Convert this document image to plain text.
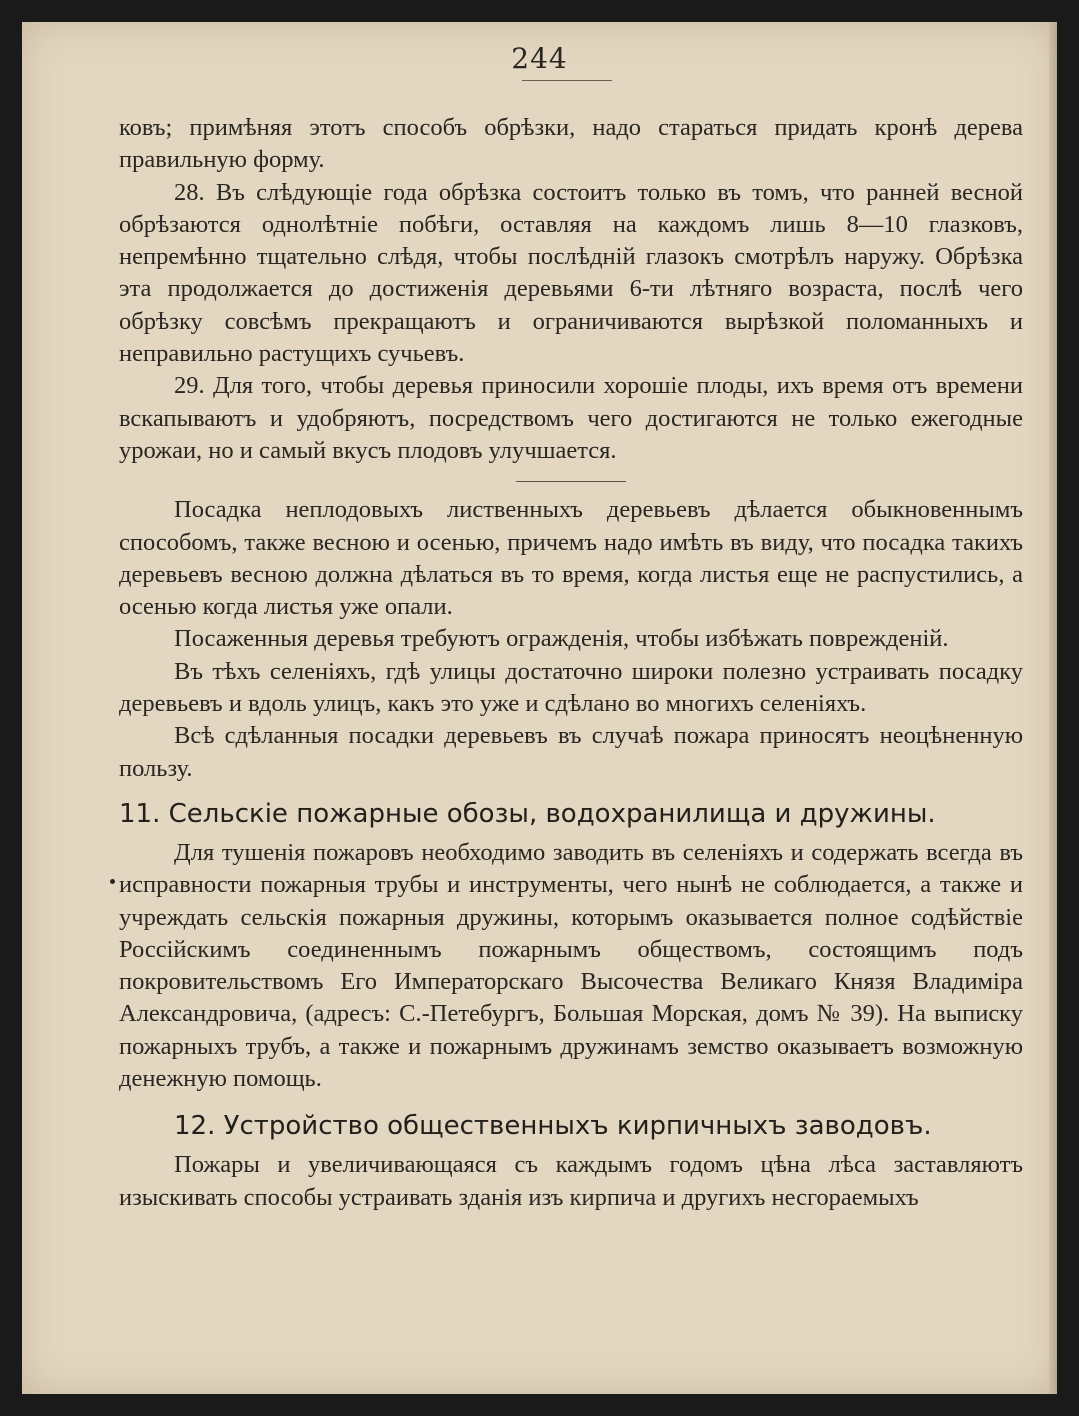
244

ковъ; примѣняя этотъ способъ обрѣзки, надо стараться придать кронѣ дерева правильную форму.

28. Въ слѣдующіе года обрѣзка состоитъ только въ томъ, что ранней весной обрѣзаются однолѣтніе побѣги, оставляя на каждомъ лишь 8—10 глазковъ, непремѣнно тщательно слѣдя, чтобы послѣдній глазокъ смотрѣлъ наружу. Обрѣзка эта продолжается до достиженія деревьями 6-ти лѣтняго возраста, послѣ чего обрѣзку совсѣмъ прекращаютъ и ограничиваются вырѣзкой поломанныхъ и неправильно растущихъ сучьевъ.

29. Для того, чтобы деревья приносили хорошіе плоды, ихъ время отъ времени вскапываютъ и удобряютъ, посредствомъ чего достигаются не только ежегодные урожаи, но и самый вкусъ плодовъ улучшается.

Посадка неплодовыхъ лиственныхъ деревьевъ дѣлается обыкновеннымъ способомъ, также весною и осенью, причемъ надо имѣть въ виду, что посадка такихъ деревьевъ весною должна дѣлаться въ то время, когда листья еще не распустились, а осенью когда листья уже опали.

Посаженныя деревья требуютъ огражденія, чтобы избѣжать поврежденій.

Въ тѣхъ селеніяхъ, гдѣ улицы достаточно широки полезно устраивать посадку деревьевъ и вдоль улицъ, какъ это уже и сдѣлано во многихъ селеніяхъ.

Всѣ сдѣланныя посадки деревьевъ въ случаѣ пожара приносятъ неоцѣненную пользу.

11. Сельскіе пожарные обозы, водохранилища и дружины.

Для тушенія пожаровъ необходимо заводить въ селеніяхъ и содержать всегда въ исправности пожарныя трубы и инструменты, чего нынѣ не соблюдается, а также и учреждать сельскія пожарныя дружины, которымъ оказывается полное содѣйствіе Россійскимъ соединеннымъ пожарнымъ обществомъ, состоящимъ подъ покровительствомъ Его Императорскаго Высочества Великаго Князя Владиміра Александровича, (адресъ: С.-Петебургъ, Большая Морская, домъ № 39). На выписку пожарныхъ трубъ, а также и пожарнымъ дружинамъ земство оказываетъ возможную денежную помощь.

12. Устройство общественныхъ кирпичныхъ заводовъ.

Пожары и увеличивающаяся съ каждымъ годомъ цѣна лѣса заставляютъ изыскивать способы устраивать зданія изъ кирпича и другихъ несгораемыхъ
